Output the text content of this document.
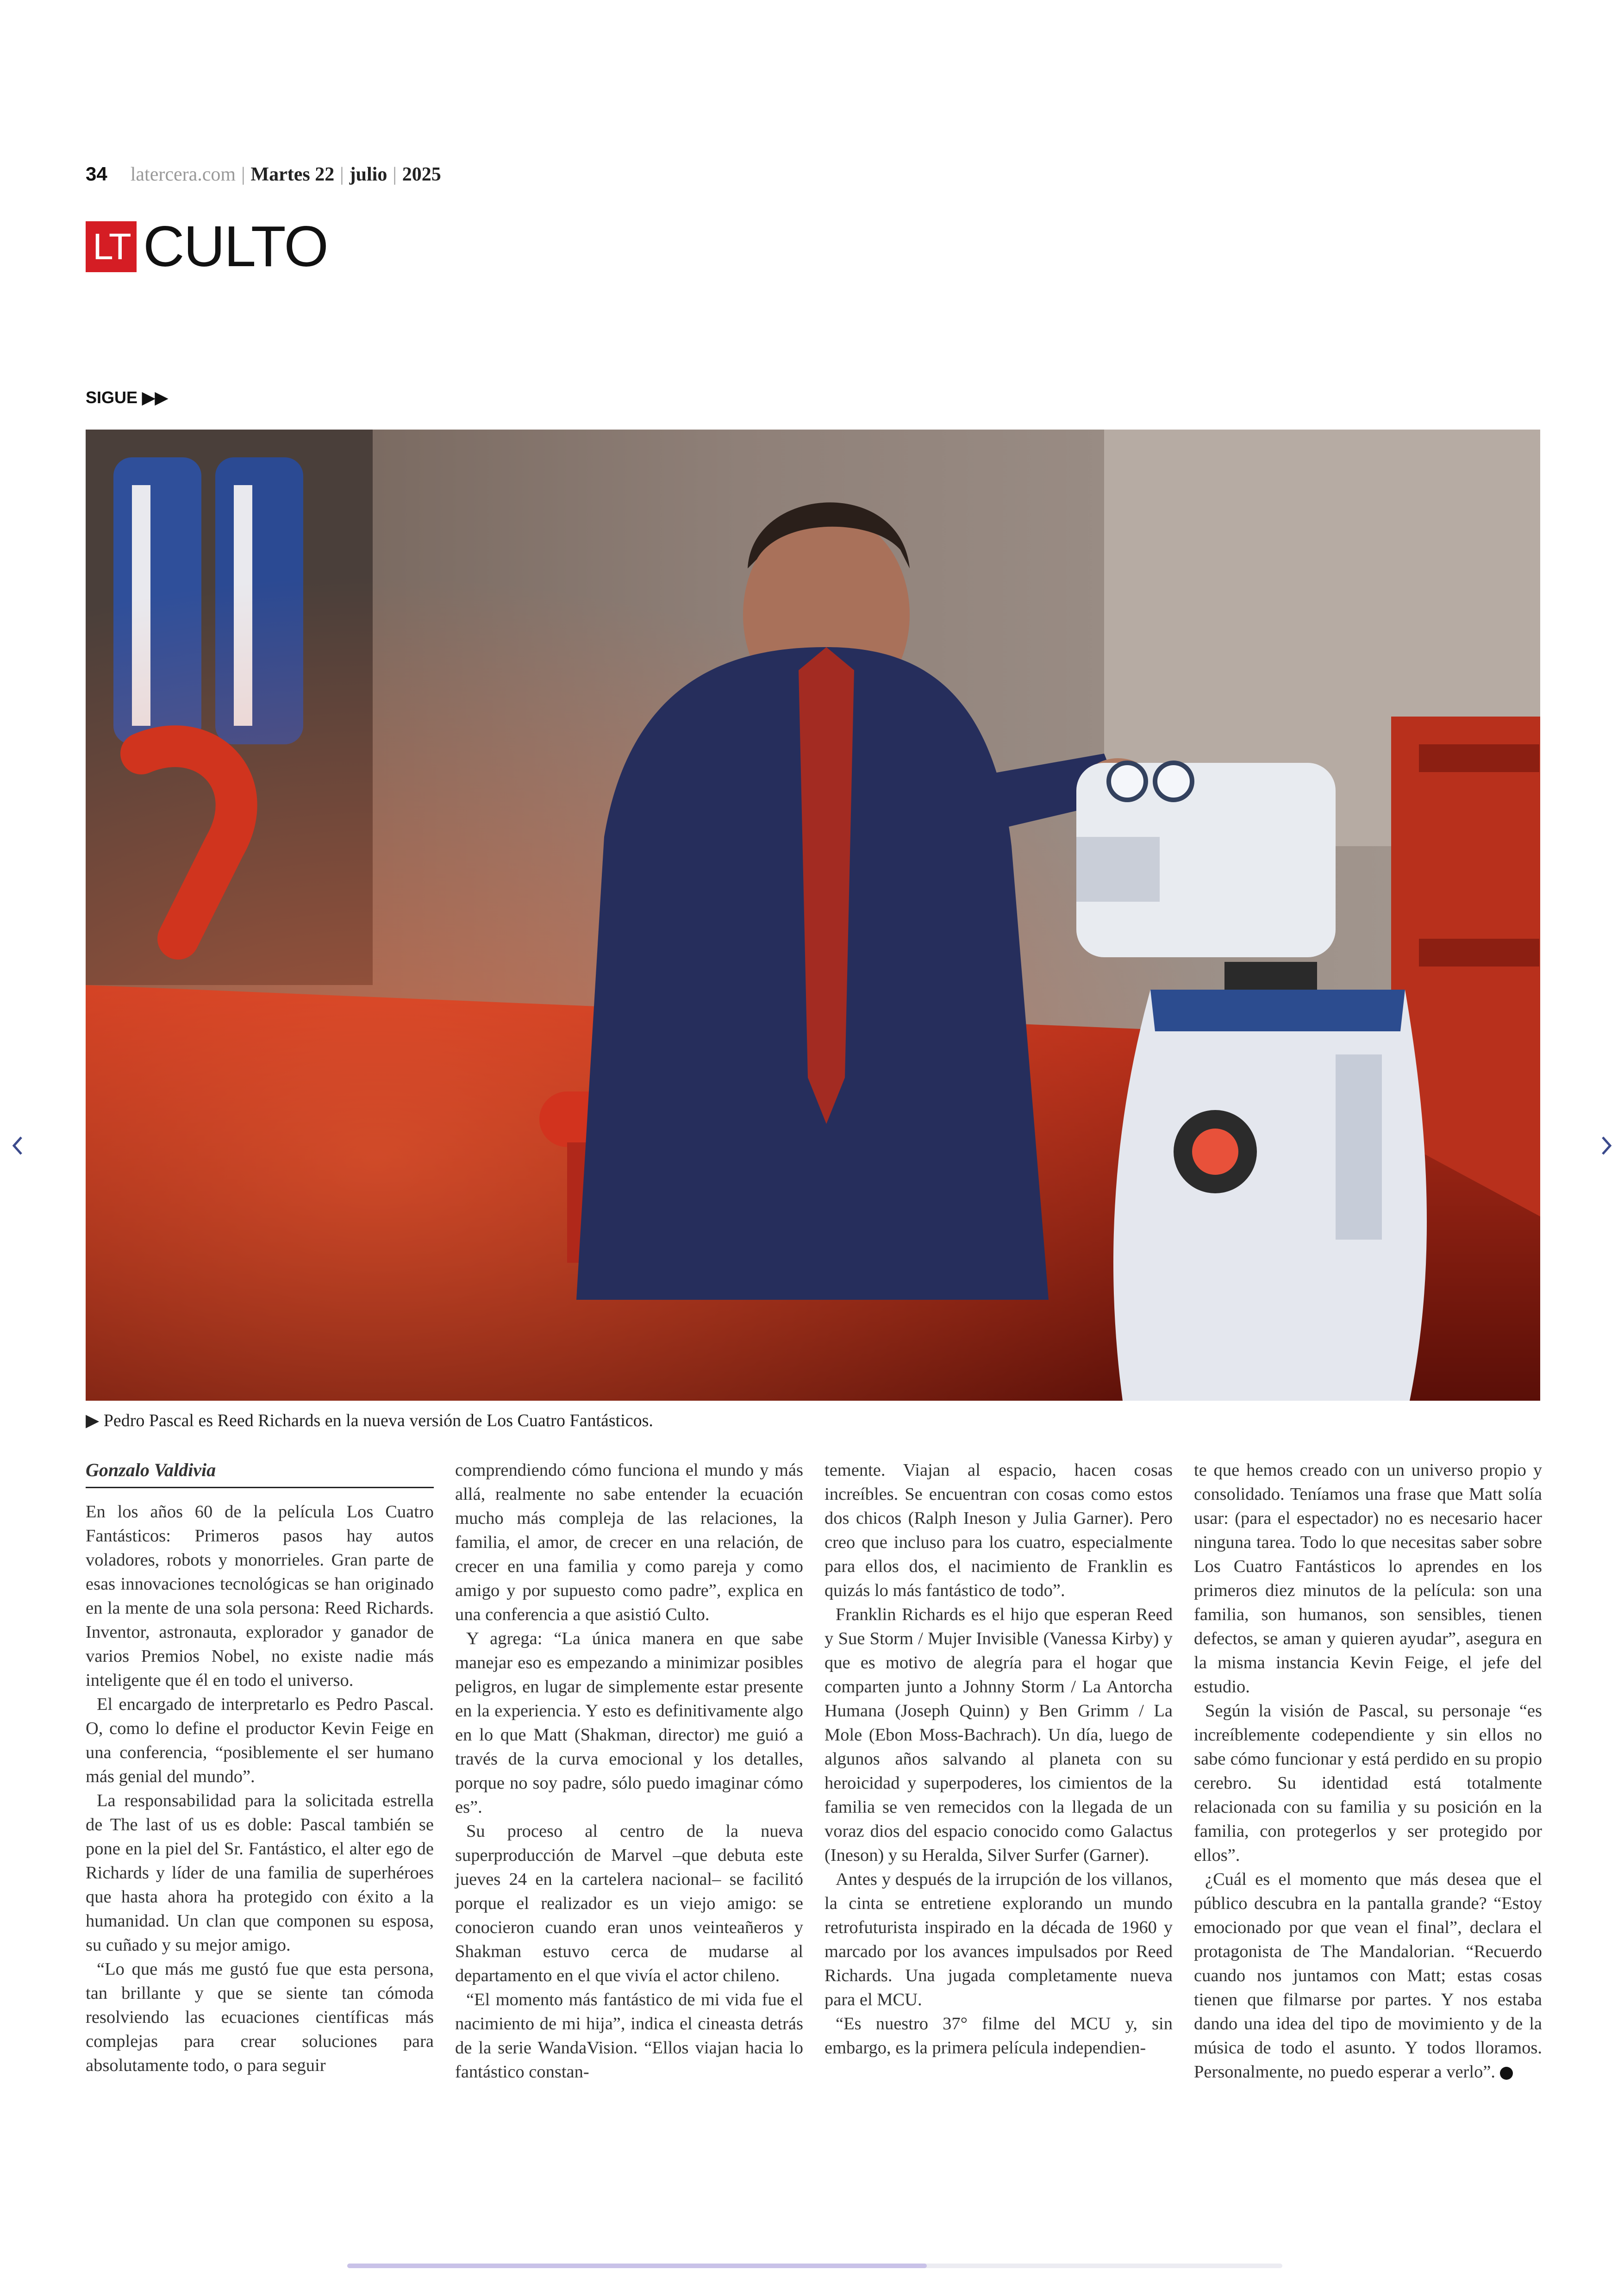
34 latercera.com | Martes 22 | julio | 2025
LT CULTO
SIGUE ▶▶
▶ Pedro Pascal es Reed Richards en la nueva versión de Los Cuatro Fantásticos.
Gonzalo Valdivia

En los años 60 de la película Los Cuatro Fantásticos: Primeros pasos hay autos voladores, robots y monorrieles. Gran parte de esas innovaciones tecnológicas se han originado en la mente de una sola persona: Reed Richards. Inventor, astronauta, explorador y ganador de varios Premios Nobel, no existe nadie más inteligente que él en todo el universo.

El encargado de interpretarlo es Pedro Pascal. O, como lo define el productor Kevin Feige en una conferencia, “posiblemente el ser humano más genial del mundo”.

La responsabilidad para la solicitada estrella de The last of us es doble: Pascal también se pone en la piel del Sr. Fantástico, el alter ego de Richards y líder de una familia de superhéroes que hasta ahora ha protegido con éxito a la humanidad. Un clan que componen su esposa, su cuñado y su mejor amigo.

“Lo que más me gustó fue que esta persona, tan brillante y que se siente tan cómoda resolviendo las ecuaciones científicas más complejas para crear soluciones para absolutamente todo, o para seguir

comprendiendo cómo funciona el mundo y más allá, realmente no sabe entender la ecuación mucho más compleja de las relaciones, la familia, el amor, de crecer en una relación, de crecer en una familia y como pareja y como amigo y por supuesto como padre”, explica en una conferencia a que asistió Culto.

Y agrega: “La única manera en que sabe manejar eso es empezando a minimizar posibles peligros, en lugar de simplemente estar presente en la experiencia. Y esto es definitivamente algo en lo que Matt (Shakman, director) me guió a través de la curva emocional y los detalles, porque no soy padre, sólo puedo imaginar cómo es”.

Su proceso al centro de la nueva superproducción de Marvel –que debuta este jueves 24 en la cartelera nacional– se facilitó porque el realizador es un viejo amigo: se conocieron cuando eran unos veinteañeros y Shakman estuvo cerca de mudarse al departamento en el que vivía el actor chileno.

“El momento más fantástico de mi vida fue el nacimiento de mi hija”, indica el cineasta detrás de la serie WandaVision. “Ellos viajan hacia lo fantástico constan-

temente. Viajan al espacio, hacen cosas increíbles. Se encuentran con cosas como estos dos chicos (Ralph Ineson y Julia Garner). Pero creo que incluso para los cuatro, especialmente para ellos dos, el nacimiento de Franklin es quizás lo más fantástico de todo”.

Franklin Richards es el hijo que esperan Reed y Sue Storm / Mujer Invisible (Vanessa Kirby) y que es motivo de alegría para el hogar que comparten junto a Johnny Storm / La Antorcha Humana (Joseph Quinn) y Ben Grimm / La Mole (Ebon Moss-Bachrach). Un día, luego de algunos años salvando al planeta con su heroicidad y superpoderes, los cimientos de la familia se ven remecidos con la llegada de un voraz dios del espacio conocido como Galactus (Ineson) y su Heralda, Silver Surfer (Garner).

Antes y después de la irrupción de los villanos, la cinta se entretiene explorando un mundo retrofuturista inspirado en la década de 1960 y marcado por los avances impulsados por Reed Richards. Una jugada completamente nueva para el MCU.

“Es nuestro 37° filme del MCU y, sin embargo, es la primera película independien-

te que hemos creado con un universo propio y consolidado. Teníamos una frase que Matt solía usar: (para el espectador) no es necesario hacer ninguna tarea. Todo lo que necesitas saber sobre Los Cuatro Fantásticos lo aprendes en los primeros diez minutos de la película: son una familia, son humanos, son sensibles, tienen defectos, se aman y quieren ayudar”, asegura en la misma instancia Kevin Feige, el jefe del estudio.

Según la visión de Pascal, su personaje “es increíblemente codependiente y sin ellos no sabe cómo funcionar y está perdido en su propio cerebro. Su identidad está totalmente relacionada con su familia y su posición en la familia, con protegerlos y ser protegido por ellos”.

¿Cuál es el momento que más desea que el público descubra en la pantalla grande? “Estoy emocionado por que vean el final”, declara el protagonista de The Mandalorian. “Recuerdo cuando nos juntamos con Matt; estas cosas tienen que filmarse por partes. Y nos estaba dando una idea del tipo de movimiento y de la música de todo el asunto. Y todos lloramos. Personalmente, no puedo esperar a verlo”.
